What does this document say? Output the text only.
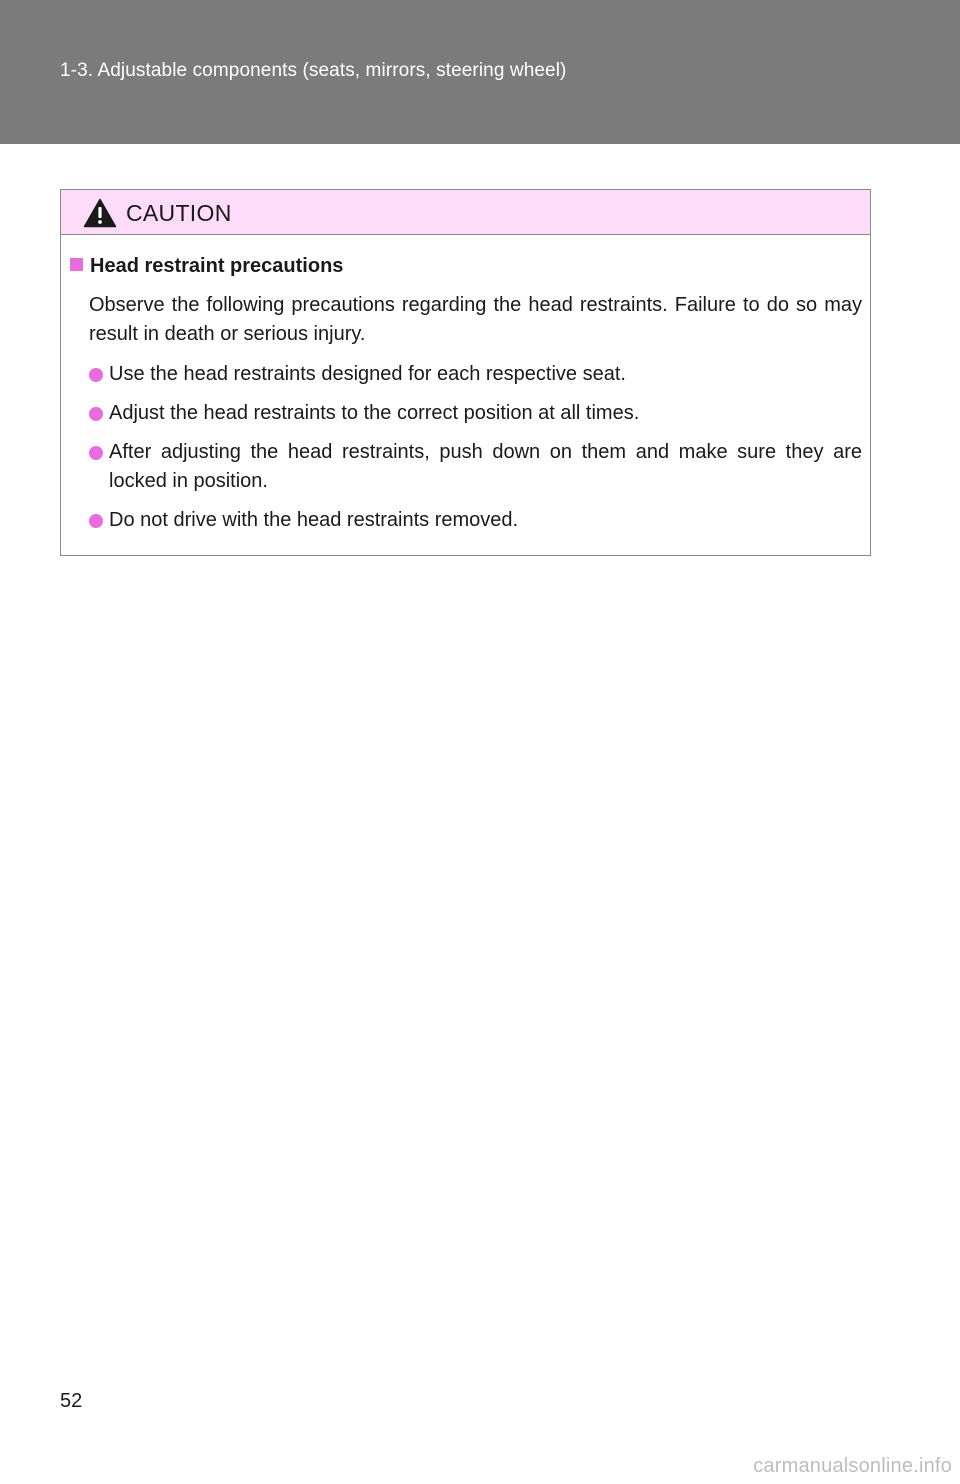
1-3. Adjustable components (seats, mirrors, steering wheel)
CAUTION
Head restraint precautions
Observe the following precautions regarding the head restraints. Failure to do so may result in death or serious injury.
Use the head restraints designed for each respective seat.
Adjust the head restraints to the correct position at all times.
After adjusting the head restraints, push down on them and make sure they are locked in position.
Do not drive with the head restraints removed.
52
carmanualsonline.info
